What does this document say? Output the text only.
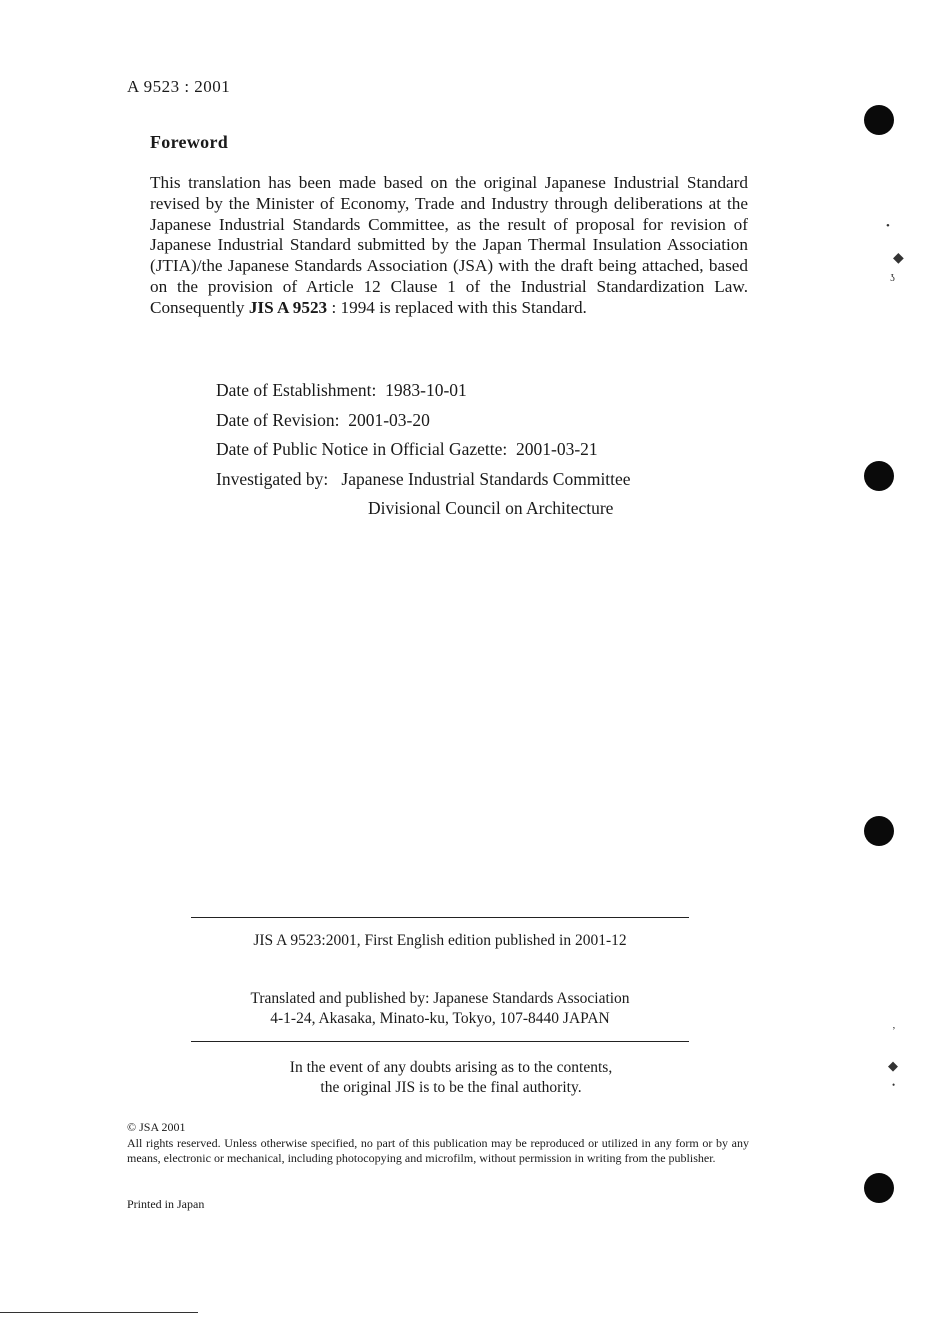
A 9523 : 2001
Foreword
This translation has been made based on the original Japanese Industrial Standard revised by the Minister of Economy, Trade and Industry through deliberations at the Japanese Industrial Standards Committee, as the result of proposal for revision of Japanese Industrial Standard submitted by the Japan Thermal Insulation Association (JTIA)/the Japanese Standards Association (JSA) with the draft being attached, based on the provision of Article 12 Clause 1 of the Industrial Standardization Law. Consequently JIS A 9523 : 1994 is replaced with this Standard.
Date of Establishment: 1983-10-01
Date of Revision: 2001-03-20
Date of Public Notice in Official Gazette: 2001-03-21
Investigated by: Japanese Industrial Standards Committee
Divisional Council on Architecture
JIS A 9523:2001, First English edition published in 2001-12
Translated and published by: Japanese Standards Association
4-1-24, Akasaka, Minato-ku, Tokyo, 107-8440 JAPAN
In the event of any doubts arising as to the contents,
the original JIS is to be the final authority.
© JSA 2001
All rights reserved. Unless otherwise specified, no part of this publication may be reproduced or utilized in any form or by any means, electronic or mechanical, including photocopying and microfilm, without permission in writing from the publisher.
Printed in Japan
•
◆
ʖ
ʼ
◆
•
